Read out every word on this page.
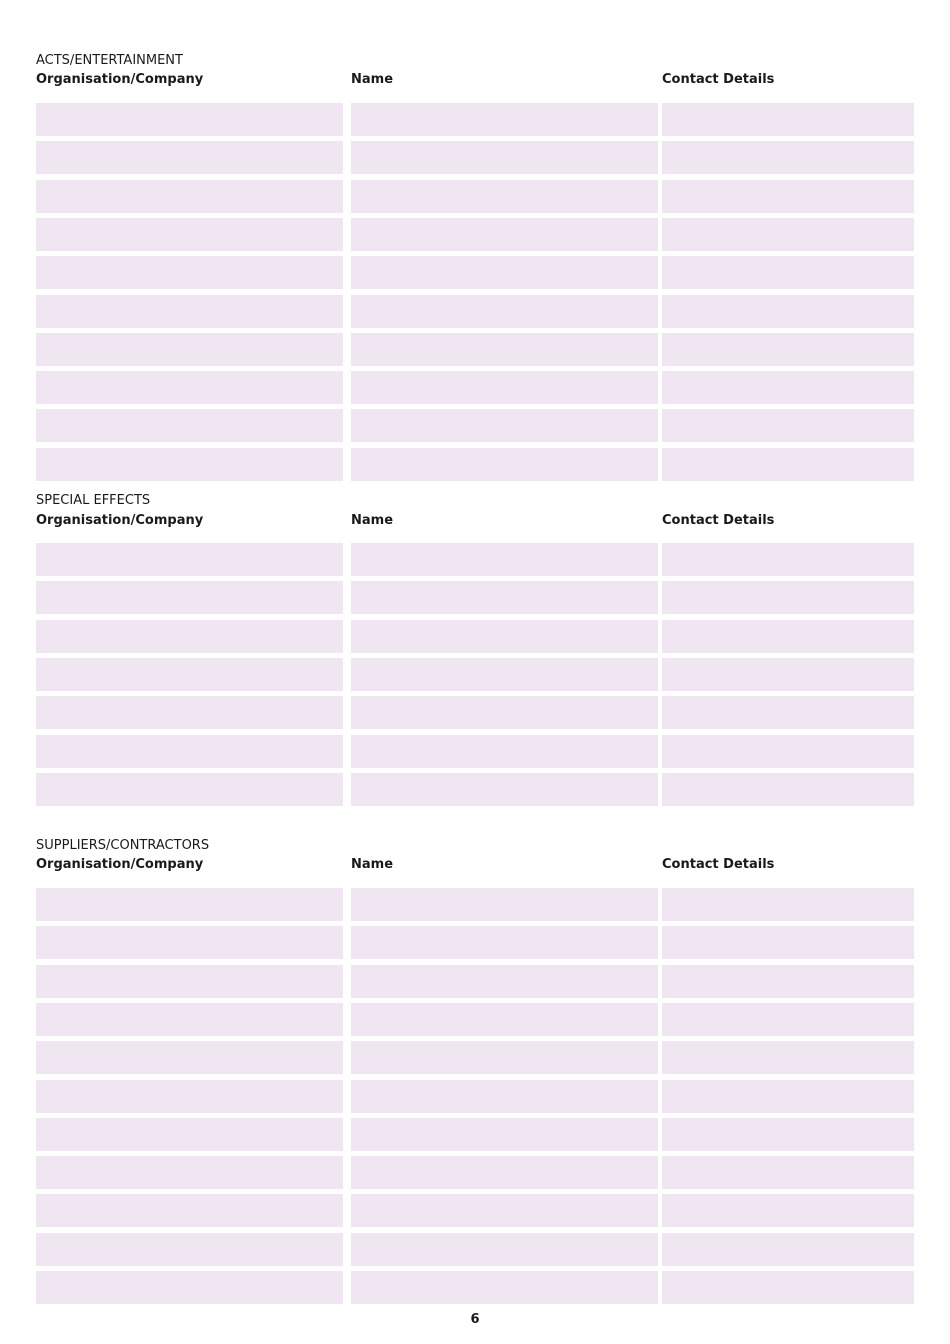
ACTS/ENTERTAINMENT
Organisation/Company	Name	Contact Details
SPECIAL EFFECTS
Organisation/Company	Name	Contact Details
SUPPLIERS/CONTRACTORS
Organisation/Company	Name	Contact Details
6
